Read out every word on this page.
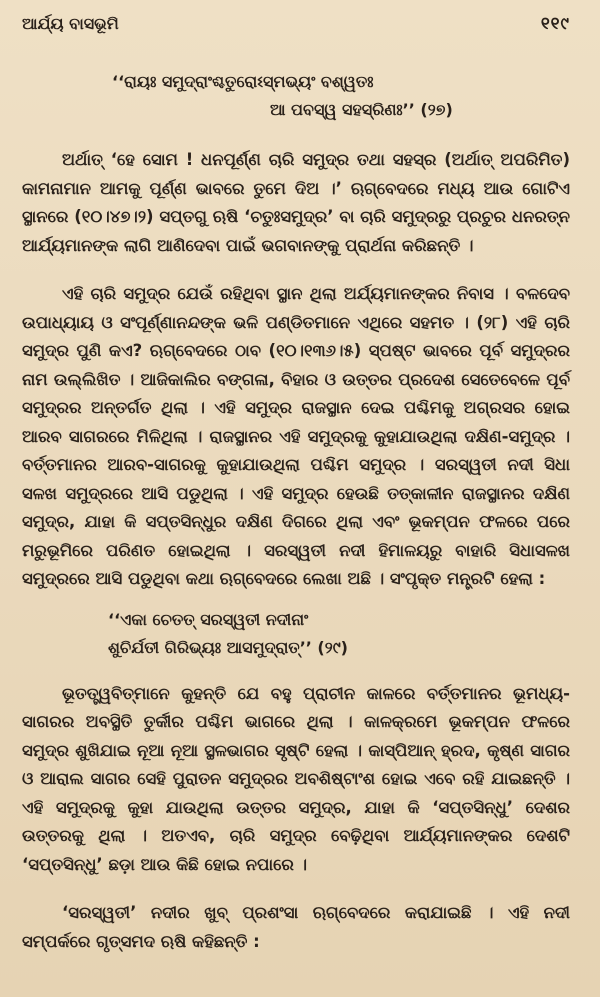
ଆର୍ଯ୍ୟ ବାସଭୂମି	୧୧୯
‘‘ରାୟଃ ସମୁଦ୍ରାଂଶ୍ଚତୁରୋଽସ୍ମଭ୍ୟଂ ବଶ୍ୱତଃ
ଆ ପବସ୍ୱ ସହସ୍ରିଣଃ’’ (୨୭)

ଅର୍ଥାତ୍ ‘ହେ ସୋମ ! ଧନପୂର୍ଣ୍ଣ ଚାରି ସମୁଦ୍ର ତଥା ସହସ୍ର (ଅର୍ଥାତ୍ ଅପରିମିତ) କାମନାମାନ ଆମକୁ ପୂର୍ଣ୍ଣ ଭାବରେ ତୁମେ ଦିଅ ।’ ଋଗ୍‌ବେଦରେ ମଧ୍ୟ ଆଉ ଗୋଟିଏ ସ୍ଥାନରେ (୧୦।୪୭।୨) ସପ୍ତଗୁ ଋଷି ‘ଚତୁଃସମୁଦ୍ର’ ବା ଚାରି ସମୁଦ୍ରରୁ ପ୍ରଚୁର ଧନରତ୍ନ ଆର୍ଯ୍ୟମାନଙ୍କ ଲାଗି ଆଣିଦେବା ପାଇଁ ଭଗବାନଙ୍କୁ ପ୍ରାର୍ଥନା କରିଛନ୍ତି ।

ଏହି ଚାରି ସମୁଦ୍ର ଯେଉଁ ରହିଥିବା ସ୍ଥାନ ଥିଲା ଅର୍ଯ୍ୟମାନଙ୍କର ନିବାସ । ବଳଦେବ ଉପାଧ୍ୟାୟ ଓ ସଂପୂର୍ଣ୍ଣାନନ୍ଦଙ୍କ ଭଳି ପଣ୍ଡିତମାନେ ଏଥିରେ ସହମତ । (୨୮) ଏହି ଚାରି ସମୁଦ୍ର ପୁଣି କଏ? ଋଗ୍‌ବେଦରେ ଠାବ (୧୦।୧୩୬।୫) ସ୍ପଷ୍ଟ ଭାବରେ ପୂର୍ବ ସମୁଦ୍ରର ନାମ ଉଲ୍ଲିଖିତ । ଆଜିକାଲିର ବଙ୍ଗଳା, ବିହାର ଓ ଉତ୍ତର ପ୍ରଦେଶ ସେତେବେଳେ ପୂର୍ବ ସମୁଦ୍ରର ଅନ୍ତର୍ଗତ ଥିଲା । ଏହି ସମୁଦ୍ର ରାଜସ୍ଥାନ ଦେଇ ପଶ୍ଚିମକୁ ଅଗ୍ରସର ହୋଇ ଆରବ ସାଗରରେ ମିଳିଥିଲା । ରାଜସ୍ଥାନର ଏହି ସମୁଦ୍ରକୁ କୁହାଯାଉଥିଲା ଦକ୍ଷିଣ-ସମୁଦ୍ର । ବର୍ତ୍ତମାନର ଆରବ-ସାଗରକୁ କୁହାଯାଉଥିଲା ପଶ୍ଚିମ ସମୁଦ୍ର । ସରସ୍ୱତୀ ନଦୀ ସିଧା ସଳଖ ସମୁଦ୍ରରେ ଆସି ପଡୁଥିଲା । ଏହି ସମୁଦ୍ର ହେଉଛି ତତ୍‌କାଳୀନ ରାଜସ୍ଥାନର ଦକ୍ଷିଣ ସମୁଦ୍ର, ଯାହା କି ସପ୍ତସିନ୍ଧୁର ଦକ୍ଷିଣ ଦିଗରେ ଥିଲା ଏବଂ ଭୂକମ୍ପନ ଫଳରେ ପରେ ମରୁଭୂମିରେ ପରିଣତ ହୋଇଥିଲା । ସରସ୍ୱତୀ ନଦୀ ହିମାଳୟରୁ ବାହାରି ସିଧାସଳଖ ସମୁଦ୍ରରେ ଆସି ପଡୁଥିବା କଥା ଋଗ୍‌ବେଦରେ ଲେଖା ଅଛି । ସଂପୃକ୍ତ ମନ୍ତ୍ରଟି ହେଲା :

‘‘ଏକା ଚେତତ୍ ସରସ୍ୱତୀ ନଦୀନାଂ
ଶୁଚିର୍ଯତୀ ଗିରିଭ୍ୟଃ ଆସମୁଦ୍ରାତ୍’’ (୨୯)

ଭୂତତ୍ତ୍ୱବିତ୍‌ମାନେ କୁହନ୍ତି ଯେ ବହୁ ପ୍ରାଚୀନ କାଳରେ ବର୍ତ୍ତମାନର ଭୂମଧ୍ୟ-ସାଗରର ଅବସ୍ଥିତି ତୁର୍କୀର ପଶ୍ଚିମ ଭାଗରେ ଥିଲା । କାଳକ୍ରମେ ଭୂକମ୍ପନ ଫଳରେ ସମୁଦ୍ର ଶୁଖିଯାଇ ନୂଆ ନୂଆ ସ୍ଥଳଭାଗର ସୃଷ୍ଟି ହେଲା । କାସ୍ପିଆନ୍ ହ୍ରଦ, କୃଷ୍ଣ ସାଗର ଓ ଆରାଲ ସାଗର ସେହି ପୁରାତନ ସମୁଦ୍ରର ଅବଶିଷ୍ଟାଂଶ ହୋଇ ଏବେ ରହି ଯାଇଛନ୍ତି । ଏହି ସମୁଦ୍ରକୁ କୁହା ଯାଉଥିଲା ଉତ୍ତର ସମୁଦ୍ର, ଯାହା କି ‘ସପ୍ତସିନ୍ଧୁ’ ଦେଶର ଉତ୍ତରକୁ ଥିଲା । ଅତଏବ, ଚାରି ସମୁଦ୍ର ବେଢ଼ିଥିବା ଆର୍ଯ୍ୟମାନଙ୍କର ଦେଶଟି ‘ସପ୍ତସିନ୍ଧୁ’ ଛଡ଼ା ଆଉ କିଛି ହୋଇ ନପାରେ ।

‘ସରସ୍ୱତୀ’ ନଦୀର ଖୁବ୍ ପ୍ରଶଂସା ଋଗ୍‌ବେଦରେ କରାଯାଇଛି । ଏହି ନଦୀ ସମ୍ପର୍କରେ ଗୃତ୍ସମଦ ଋଷି କହିଛନ୍ତି :
